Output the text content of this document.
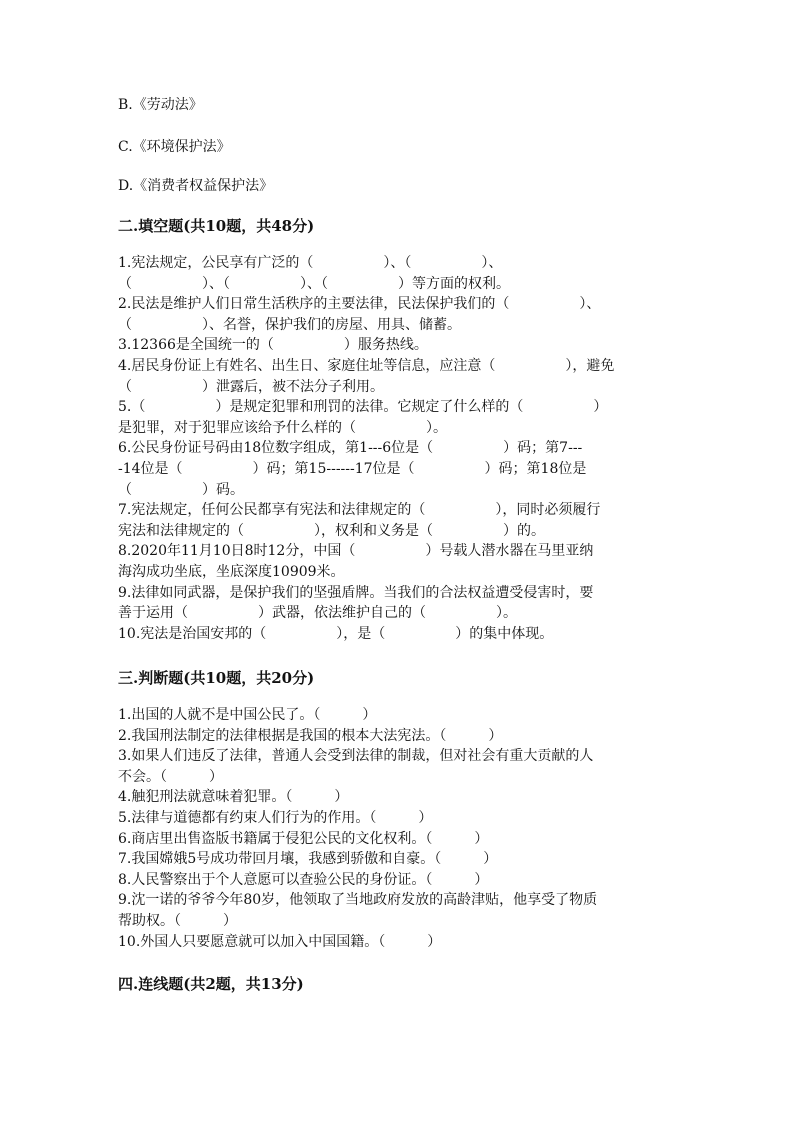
B.《劳动法》
C.《环境保护法》
D.《消费者权益保护法》
二.填空题(共10题，共48分)
1.宪法规定，公民享有广泛的（　　　　　）、（　　　　　）、
（　　　　　）、（　　　　　）、（　　　　　）等方面的权利。
2.民法是维护人们日常生活秩序的主要法律，民法保护我们的（　　　　　）、
（　　　　　）、名誉，保护我们的房屋、用具、储蓄。
3.12366是全国统一的（　　　　　）服务热线。
4.居民身份证上有姓名、出生日、家庭住址等信息，应注意（　　　　　），避免
（　　　　　）泄露后，被不法分子利用。
5.（　　　　　）是规定犯罪和刑罚的法律。它规定了什么样的（　　　　　）
是犯罪，对于犯罪应该给予什么样的（　　　　　）。
6.公民身份证号码由18位数字组成，第1---6位是（　　　　　）码；第7---
-14位是（　　　　　）码；第15------17位是（　　　　　）码；第18位是
（　　　　　）码。
7.宪法规定，任何公民都享有宪法和法律规定的（　　　　　），同时必须履行
宪法和法律规定的（　　　　　），权利和义务是（　　　　　）的。
8.2020年11月10日8时12分，中国（　　　　　）号载人潜水器在马里亚纳
海沟成功坐底，坐底深度10909米。
9.法律如同武器，是保护我们的坚强盾牌。当我们的合法权益遭受侵害时，要
善于运用（　　　　　）武器，依法维护自己的（　　　　　）。
10.宪法是治国安邦的（　　　　　），是（　　　　　）的集中体现。
三.判断题(共10题，共20分)
1.出国的人就不是中国公民了。（　　　）
2.我国刑法制定的法律根据是我国的根本大法宪法。（　　　）
3.如果人们违反了法律，普通人会受到法律的制裁，但对社会有重大贡献的人
不会。（　　　）
4.触犯刑法就意味着犯罪。（　　　）
5.法律与道德都有约束人们行为的作用。（　　　）
6.商店里出售盗版书籍属于侵犯公民的文化权利。（　　　）
7.我国嫦娥5号成功带回月壤，我感到骄傲和自豪。（　　　）
8.人民警察出于个人意愿可以查验公民的身份证。（　　　）
9.沈一诺的爷爷今年80岁，他领取了当地政府发放的高龄津贴，他享受了物质
帮助权。（　　　）
10.外国人只要愿意就可以加入中国国籍。（　　　）
四.连线题(共2题，共13分)
